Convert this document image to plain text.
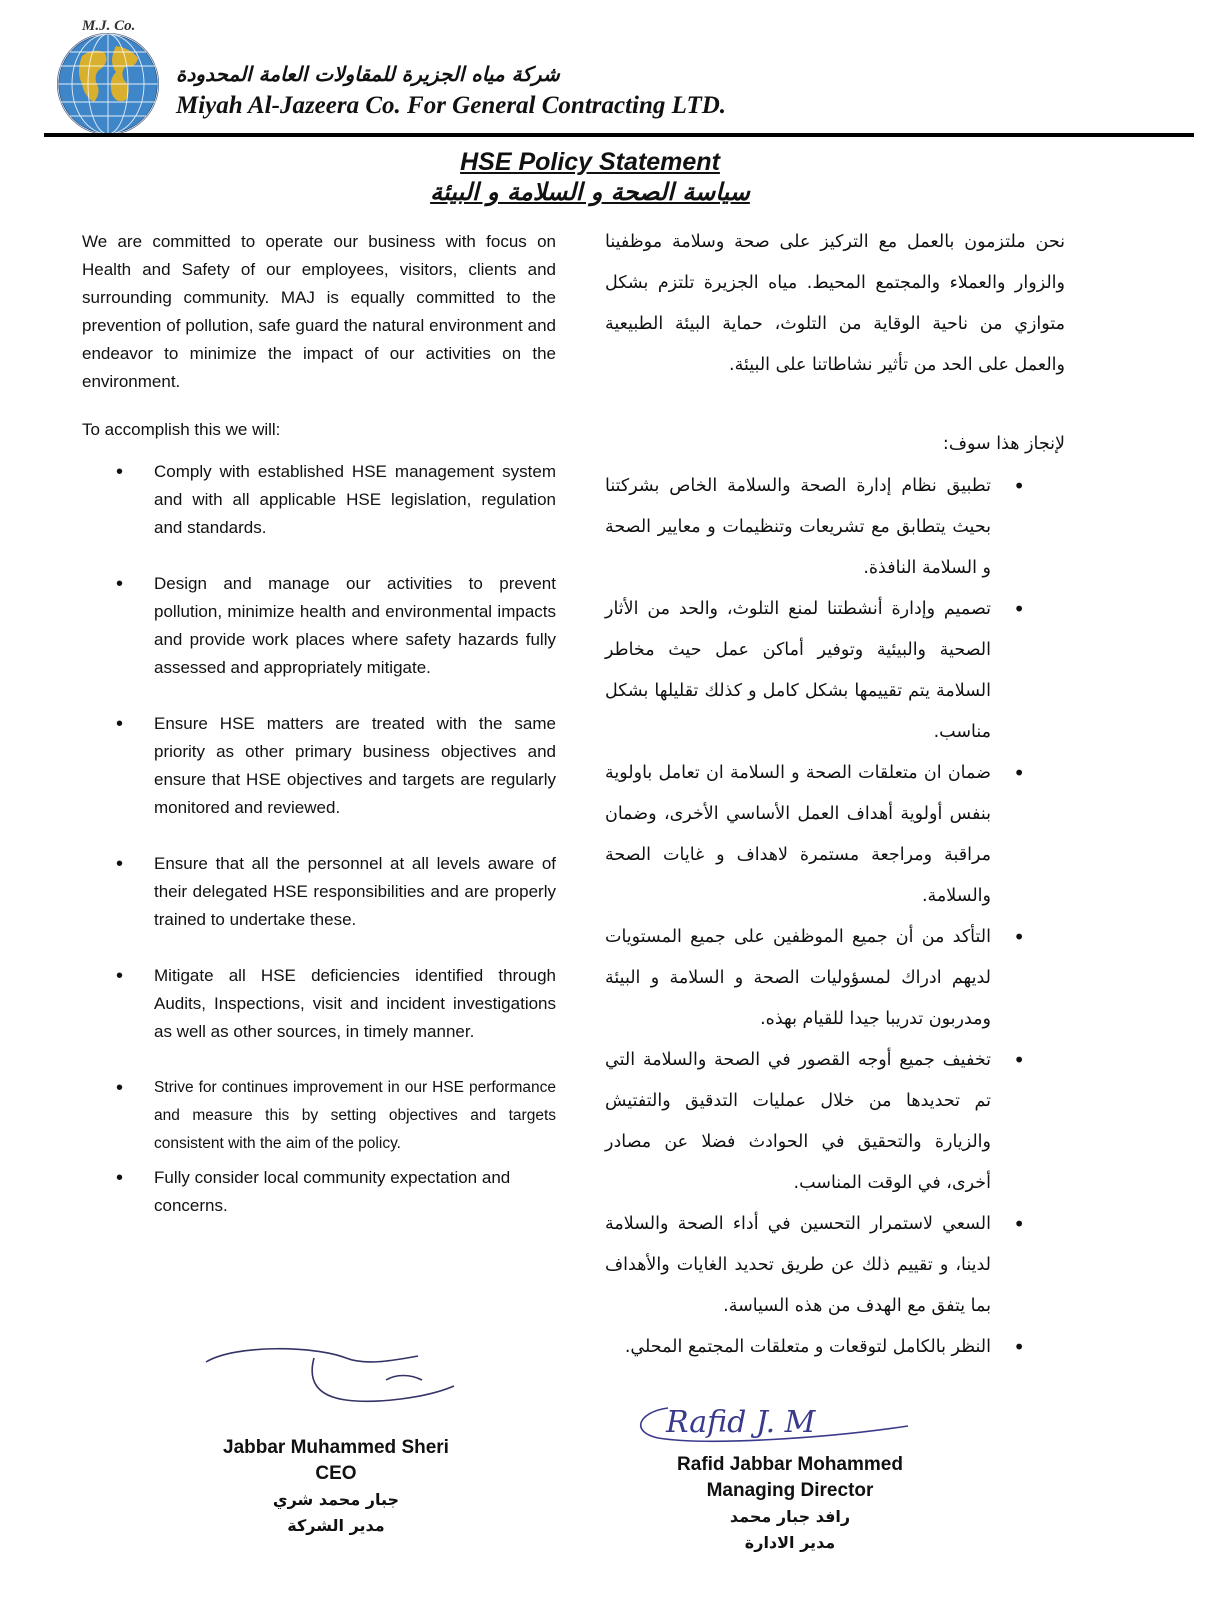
M.J. Co.
شركة مياه الجزيرة للمقاولات العامة المحدودة
Miyah Al-Jazeera Co. For General Contracting LTD.
HSE Policy Statement
سياسة الصحة و السلامة و البيئة

We are committed to operate our business with focus on Health and Safety of our employees, visitors, clients and surrounding community. MAJ is equally committed to the prevention of pollution, safe guard the natural environment and endeavor to minimize the impact of our activities on the environment.

To accomplish this we will:

• Comply with established HSE management system and with all applicable HSE legislation, regulation and standards.
• Design and manage our activities to prevent pollution, minimize health and environmental impacts and provide work places where safety hazards fully assessed and appropriately mitigate.
• Ensure HSE matters are treated with the same priority as other primary business objectives and ensure that HSE objectives and targets are regularly monitored and reviewed.
• Ensure that all the personnel at all levels aware of their delegated HSE responsibilities and are properly trained to undertake these.
• Mitigate all HSE deficiencies identified through Audits, Inspections, visit and incident investigations as well as other sources, in timely manner.
• Strive for continues improvement in our HSE performance and measure this by setting objectives and targets consistent with the aim of the policy.
• Fully consider local community expectation and concerns.

نحن ملتزمون بالعمل مع التركيز على صحة وسلامة موظفينا والزوار والعملاء والمجتمع المحيط. مياه الجزيرة تلتزم بشكل متوازي من ناحية الوقاية من التلوث، حماية البيئة الطبيعية والعمل على الحد من تأثير نشاطاتنا على البيئة.

لإنجاز هذا سوف:

• تطبيق نظام إدارة الصحة والسلامة الخاص بشركتنا بحيث يتطابق مع تشريعات وتنظيمات و معايير الصحة و السلامة النافذة.
• تصميم وإدارة أنشطتنا لمنع التلوث، والحد من الأثار الصحية والبيئية وتوفير أماكن عمل حيث مخاطر السلامة يتم تقييمها بشكل كامل و كذلك تقليلها بشكل مناسب.
• ضمان ان متعلقات الصحة و السلامة ان تعامل باولوية بنفس أولوية أهداف العمل الأساسي الأخرى، وضمان مراقبة ومراجعة مستمرة لاهداف و غايات الصحة والسلامة.
• التأكد من أن جميع الموظفين على جميع المستويات لديهم ادراك لمسؤوليات الصحة و السلامة و البيئة ومدربون تدريبا جيدا للقيام بهذه.
• تخفيف جميع أوجه القصور في الصحة والسلامة التي تم تحديدها من خلال عمليات التدقيق والتفتيش والزيارة والتحقيق في الحوادث فضلا عن مصادر أخرى، في الوقت المناسب.
• السعي لاستمرار التحسين في أداء الصحة والسلامة لدينا، و تقييم ذلك عن طريق تحديد الغايات والأهداف بما يتفق مع الهدف من هذه السياسة.
• النظر بالكامل لتوقعات و متعلقات المجتمع المحلي.
Jabbar Muhammed Sheri
CEO
جبار محمد شري
مدير الشركة
Rafid J. M
Rafid Jabbar Mohammed
Managing Director
رافد جبار محمد
مدير الادارة
